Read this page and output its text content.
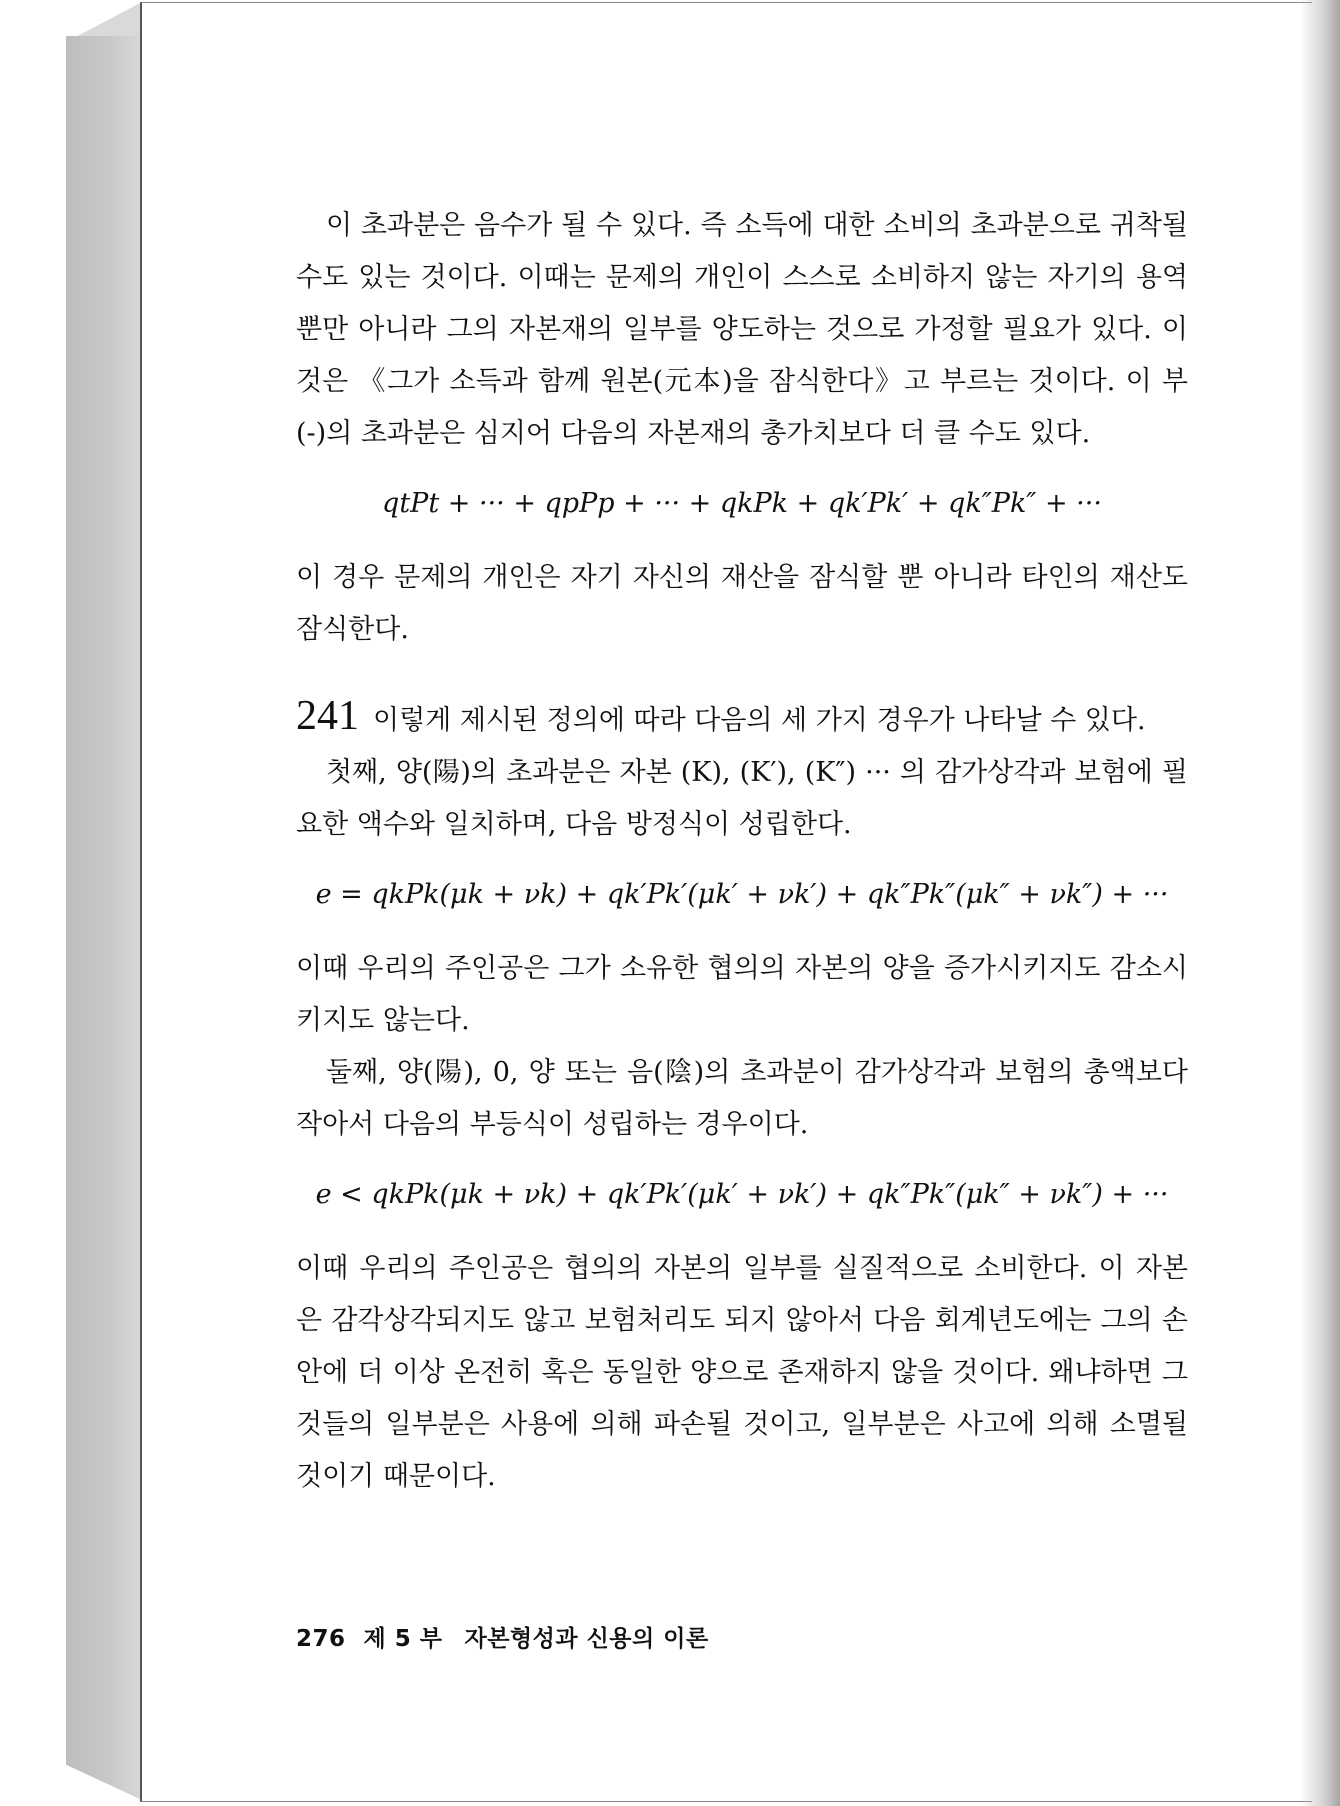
이 초과분은 음수가 될 수 있다. 즉 소득에 대한 소비의 초과분으로 귀착될 수도 있는 것이다. 이때는 문제의 개인이 스스로 소비하지 않는 자기의 용역뿐만 아니라 그의 자본재의 일부를 양도하는 것으로 가정할 필요가 있다. 이것은 《그가 소득과 함께 원본(元本)을 잠식한다》고 부르는 것이다. 이 부(-)의 초과분은 심지어 다음의 자본재의 총가치보다 더 클 수도 있다.

qtPt + ··· + qpPp + ··· + qkPk + qk′Pk′ + qk″Pk″ + ···

이 경우 문제의 개인은 자기 자신의 재산을 잠식할 뿐 아니라 타인의 재산도 잠식한다.

241 이렇게 제시된 정의에 따라 다음의 세 가지 경우가 나타날 수 있다.

첫째, 양(陽)의 초과분은 자본 (K), (K′), (K″) ··· 의 감가상각과 보험에 필요한 액수와 일치하며, 다음 방정식이 성립한다.

e = qkPk(μk + νk) + qk′Pk′(μk′ + νk′) + qk″Pk″(μk″ + νk″) + ···

이때 우리의 주인공은 그가 소유한 협의의 자본의 양을 증가시키지도 감소시키지도 않는다.

둘째, 양(陽), 0, 양 또는 음(陰)의 초과분이 감가상각과 보험의 총액보다 작아서 다음의 부등식이 성립하는 경우이다.

e < qkPk(μk + νk) + qk′Pk′(μk′ + νk′) + qk″Pk″(μk″ + νk″) + ···

이때 우리의 주인공은 협의의 자본의 일부를 실질적으로 소비한다. 이 자본은 감각상각되지도 않고 보험처리도 되지 않아서 다음 회계년도에는 그의 손 안에 더 이상 온전히 혹은 동일한 양으로 존재하지 않을 것이다. 왜냐하면 그것들의 일부분은 사용에 의해 파손될 것이고, 일부분은 사고에 의해 소멸될 것이기 때문이다.

276 제 5 부 자본형성과 신용의 이론
